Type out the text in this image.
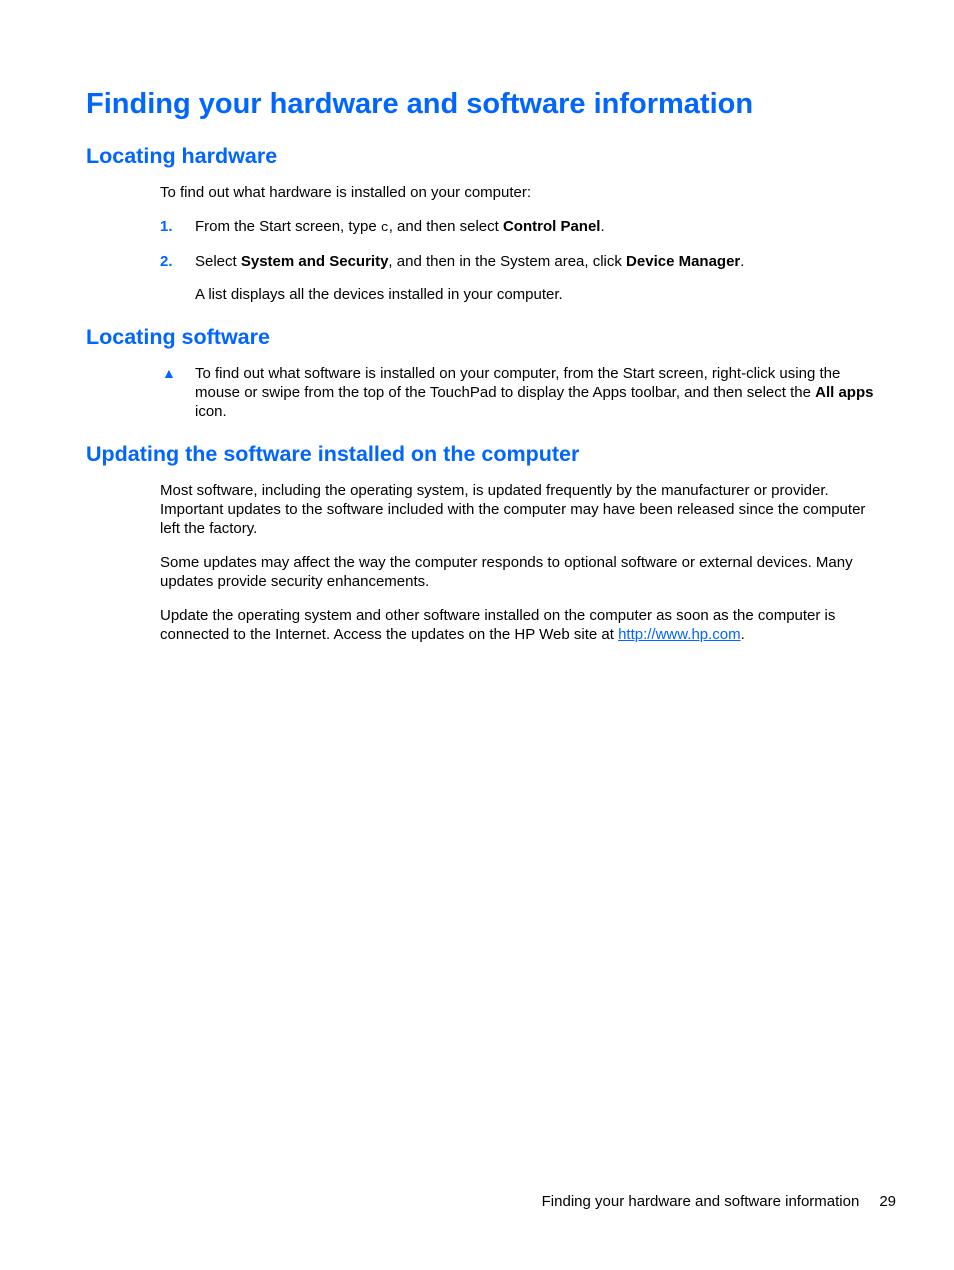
Finding your hardware and software information
Locating hardware

To find out what hardware is installed on your computer:

1. From the Start screen, type c, and then select Control Panel.
2. Select System and Security, and then in the System area, click Device Manager.

A list displays all the devices installed in your computer.

Locating software
▲ To find out what software is installed on your computer, from the Start screen, right-click using the mouse or swipe from the top of the TouchPad to display the Apps toolbar, and then select the All apps icon.

Updating the software installed on the computer

Most software, including the operating system, is updated frequently by the manufacturer or provider. Important updates to the software included with the computer may have been released since the computer left the factory.

Some updates may affect the way the computer responds to optional software or external devices. Many updates provide security enhancements.

Update the operating system and other software installed on the computer as soon as the computer is connected to the Internet. Access the updates on the HP Web site at http://www.hp.com.

Finding your hardware and software information 29
